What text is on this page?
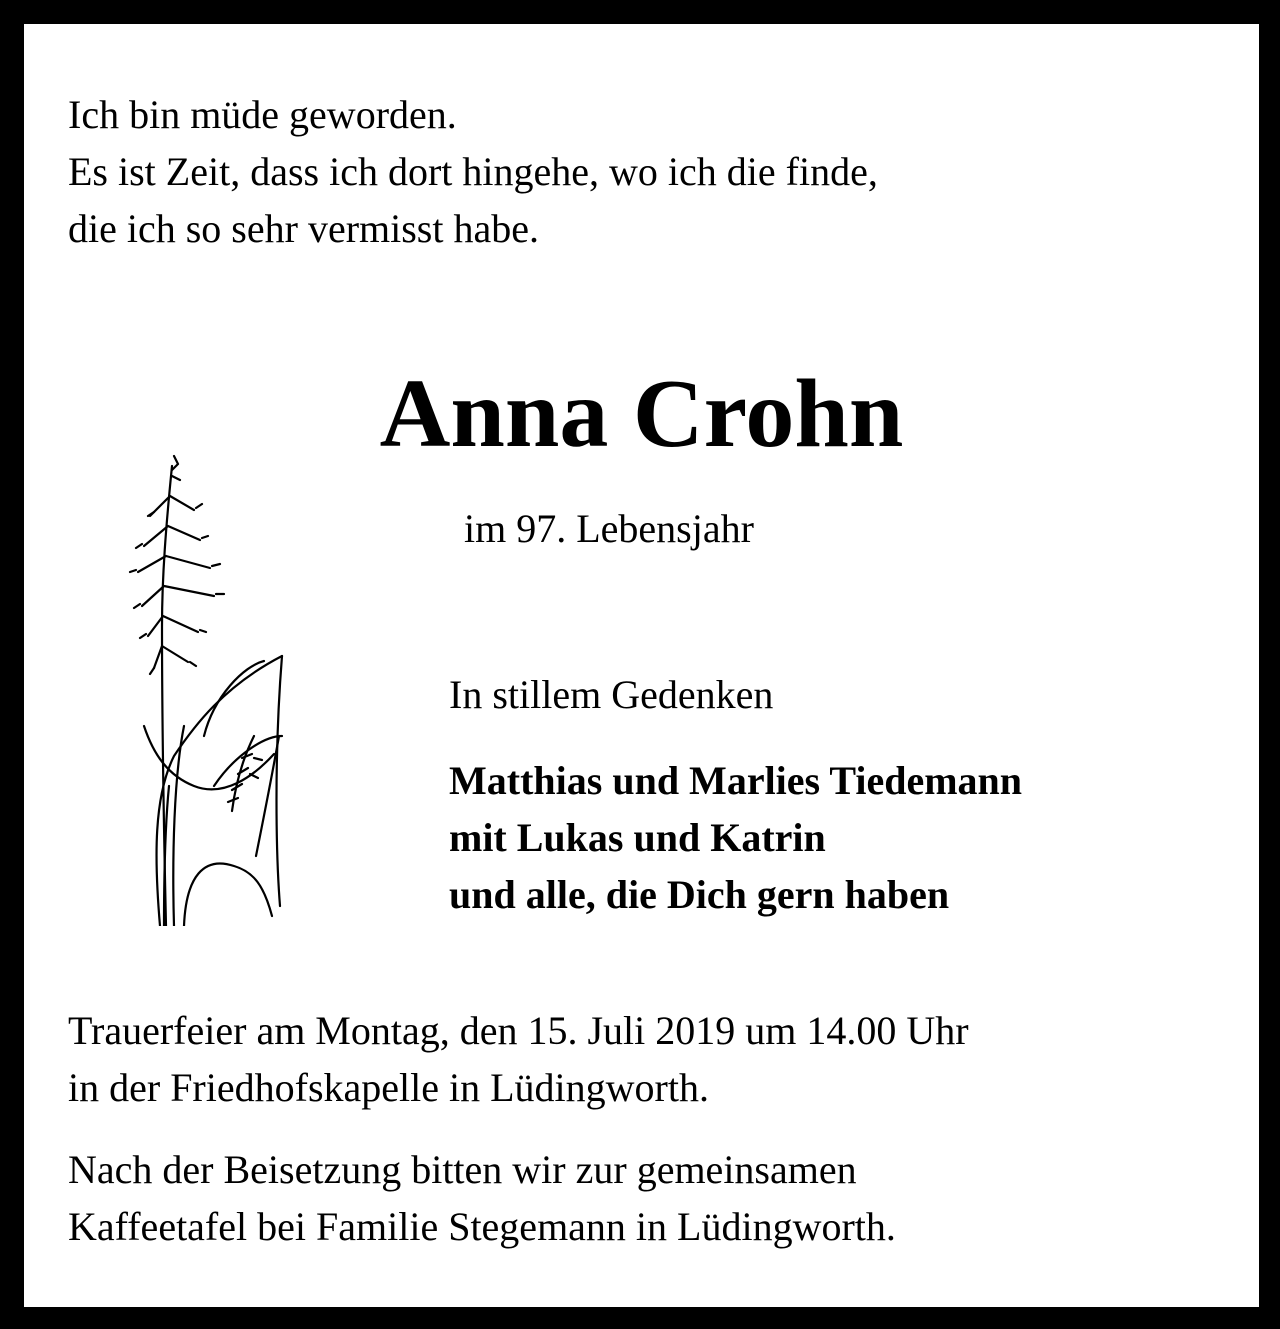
Ich bin müde geworden.
Es ist Zeit, dass ich dort hingehe, wo ich die finde,
die ich so sehr vermisst habe.
Anna Crohn
im 97. Lebensjahr
In stillem Gedenken
Matthias und Marlies Tiedemann
mit Lukas und Katrin
und alle, die Dich gern haben
Trauerfeier am Montag, den 15. Juli 2019 um 14.00 Uhr
in der Friedhofskapelle in Lüdingworth.
Nach der Beisetzung bitten wir zur gemeinsamen
Kaffeetafel bei Familie Stegemann in Lüdingworth.
